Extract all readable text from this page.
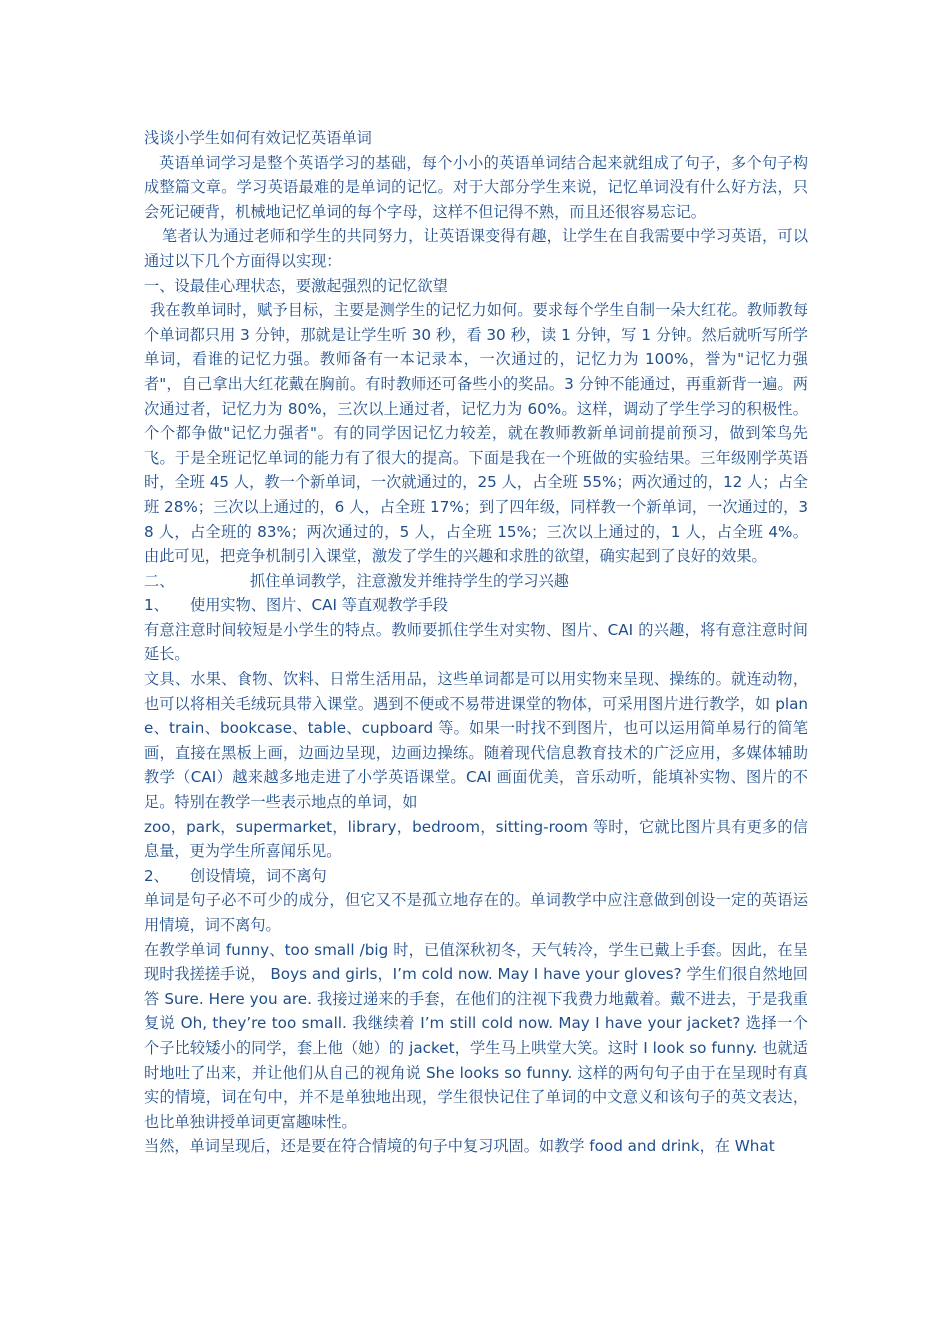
浅谈小学生如何有效记忆英语单词

英语单词学习是整个英语学习的基础，每个小小的英语单词结合起来就组成了句子，多个句子构成整篇文章。学习英语最难的是单词的记忆。对于大部分学生来说，记忆单词没有什么好方法，只会死记硬背，机械地记忆单词的每个字母，这样不但记得不熟，而且还很容易忘记。

笔者认为通过老师和学生的共同努力，让英语课变得有趣，让学生在自我需要中学习英语，可以通过以下几个方面得以实现：

一、设最佳心理状态，要激起强烈的记忆欲望

我在教单词时，赋予目标，主要是测学生的记忆力如何。要求每个学生自制一朵大红花。教师教每个单词都只用 3 分钟，那就是让学生听 30 秒，看 30 秒，读 1 分钟，写 1 分钟。然后就听写所学单词，看谁的记忆力强。教师备有一本记录本，一次通过的，记忆力为 100%，誉为"记忆力强者"，自己拿出大红花戴在胸前。有时教师还可备些小的奖品。3 分钟不能通过，再重新背一遍。两次通过者，记忆力为 80%，三次以上通过者，记忆力为 60%。这样，调动了学生学习的积极性。个个都争做"记忆力强者"。有的同学因记忆力较差，就在教师教新单词前提前预习，做到笨鸟先飞。于是全班记忆单词的能力有了很大的提高。下面是我在一个班做的实验结果。三年级刚学英语时，全班 45 人，教一个新单词，一次就通过的，25 人，占全班 55%；两次通过的，12 人；占全班 28%；三次以上通过的，6 人，占全班 17%；到了四年级，同样教一个新单词，一次通过的，38 人，占全班的 83%；两次通过的，5 人，占全班 15%；三次以上通过的，1 人，占全班 4%。由此可见，把竞争机制引入课堂，激发了学生的兴趣和求胜的欲望，确实起到了良好的效果。

二、	抓住单词教学，注意激发并维持学生的学习兴趣

1、	使用实物、图片、CAI 等直观教学手段

有意注意时间较短是小学生的特点。教师要抓住学生对实物、图片、CAI 的兴趣，将有意注意时间延长。

文具、水果、食物、饮料、日常生活用品，这些单词都是可以用实物来呈现、操练的。就连动物，也可以将相关毛绒玩具带入课堂。遇到不便或不易带进课堂的物体，可采用图片进行教学，如 plane、train、bookcase、table、cupboard 等。如果一时找不到图片，也可以运用简单易行的简笔画，直接在黑板上画，边画边呈现，边画边操练。随着现代信息教育技术的广泛应用，多媒体辅助教学（CAI）越来越多地走进了小学英语课堂。CAI 画面优美，音乐动听，能填补实物、图片的不足。特别在教学一些表示地点的单词，如

zoo，park，supermarket，library，bedroom，sitting-room 等时，它就比图片具有更多的信息量，更为学生所喜闻乐见。

2、	创设情境，词不离句

单词是句子必不可少的成分，但它又不是孤立地存在的。单词教学中应注意做到创设一定的英语运用情境，词不离句。

在教学单词 funny、too small /big 时，已值深秋初冬，天气转冷，学生已戴上手套。因此，在呈现时我搓搓手说， Boys and girls，I’m cold now. May I have your gloves? 学生们很自然地回答 Sure. Here you are. 我接过递来的手套，在他们的注视下我费力地戴着。戴不进去，于是我重复说 Oh, they’re too small. 我继续着 I’m still cold now. May I have your jacket? 选择一个个子比较矮小的同学，套上他（她）的 jacket，学生马上哄堂大笑。这时 I look so funny. 也就适时地吐了出来，并让他们从自己的视角说 She looks so funny. 这样的两句句子由于在呈现时有真实的情境，词在句中，并不是单独地出现，学生很快记住了单词的中文意义和该句子的英文表达，也比单独讲授单词更富趣味性。

当然，单词呈现后，还是要在符合情境的句子中复习巩固。如教学 food and drink，在 What
